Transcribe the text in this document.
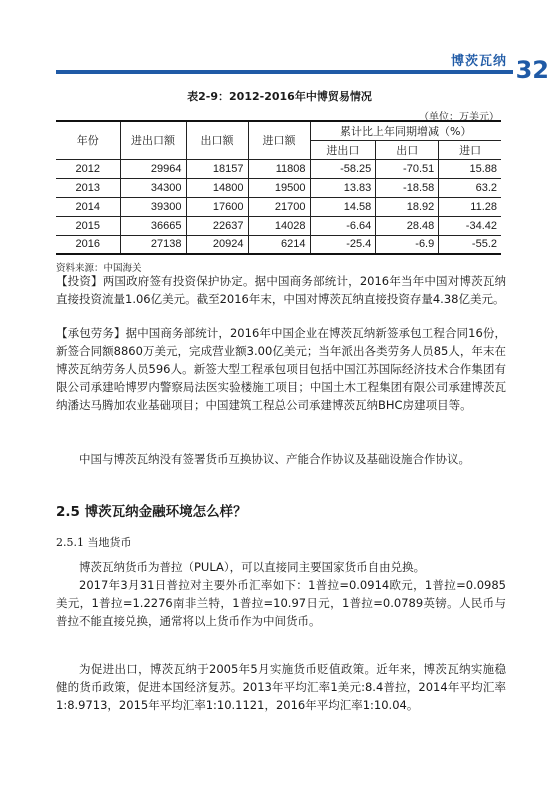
博茨瓦纳 32
表2-9：2012-2016年中博贸易情况
（单位：万美元）
年份	进出口额	出口额	进口额	累计比上年同期增减（%）		
				进出口	出口	进口
2012	29964	18157	11808	-58.25	-70.51	15.88
2013	34300	14800	19500	13.83	-18.58	63.2
2014	39300	17600	21700	14.58	18.92	11.28
2015	36665	22637	14028	-6.64	28.48	-34.42
2016	27138	20924	6214	-25.4	-6.9	-55.2
资料来源：中国海关

【投资】两国政府签有投资保护协定。据中国商务部统计，2016年当年中国对博茨瓦纳直接投资流量1.06亿美元。截至2016年末，中国对博茨瓦纳直接投资存量4.38亿美元。

【承包劳务】据中国商务部统计，2016年中国企业在博茨瓦纳新签承包工程合同16份，新签合同额8860万美元，完成营业额3.00亿美元；当年派出各类劳务人员85人，年末在博茨瓦纳劳务人员596人。新签大型工程承包项目包括中国江苏国际经济技术合作集团有限公司承建哈博罗内警察局法医实验楼施工项目；中国土木工程集团有限公司承建博茨瓦纳潘达马腾加农业基础项目；中国建筑工程总公司承建博茨瓦纳BHC房建项目等。

中国与博茨瓦纳没有签署货币互换协议、产能合作协议及基础设施合作协议。

2.5 博茨瓦纳金融环境怎么样？
2.5.1 当地货币

博茨瓦纳货币为普拉（PULA），可以直接同主要国家货币自由兑换。

2017年3月31日普拉对主要外币汇率如下：1普拉=0.0914欧元，1普拉=0.0985美元，1普拉=1.2276南非兰特，1普拉=10.97日元，1普拉=0.0789英镑。人民币与普拉不能直接兑换，通常将以上货币作为中间货币。

为促进出口，博茨瓦纳于2005年5月实施货币贬值政策。近年来，博茨瓦纳实施稳健的货币政策，促进本国经济复苏。2013年平均汇率1美元:8.4普拉，2014年平均汇率1:8.9713，2015年平均汇率1:10.1121，2016年平均汇率1:10.04。
